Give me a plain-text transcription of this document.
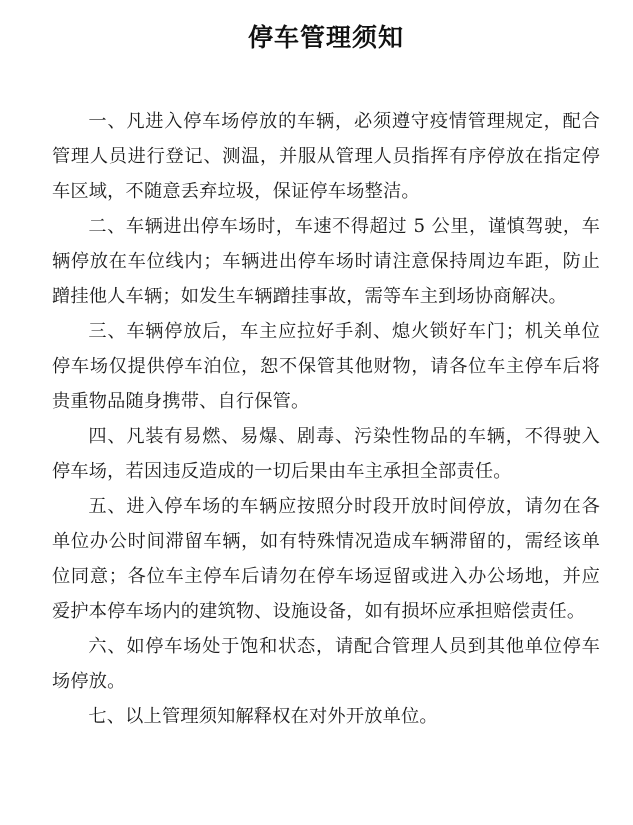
停车管理须知

一、凡进入停车场停放的车辆，必须遵守疫情管理规定，配合管理人员进行登记、测温，并服从管理人员指挥有序停放在指定停车区域，不随意丢弃垃圾，保证停车场整洁。

二、车辆进出停车场时，车速不得超过 5 公里，谨慎驾驶，车辆停放在车位线内；车辆进出停车场时请注意保持周边车距，防止蹭挂他人车辆；如发生车辆蹭挂事故，需等车主到场协商解决。

三、车辆停放后，车主应拉好手刹、熄火锁好车门；机关单位停车场仅提供停车泊位，恕不保管其他财物，请各位车主停车后将贵重物品随身携带、自行保管。

四、凡装有易燃、易爆、剧毒、污染性物品的车辆，不得驶入停车场，若因违反造成的一切后果由车主承担全部责任。

五、进入停车场的车辆应按照分时段开放时间停放，请勿在各单位办公时间滞留车辆，如有特殊情况造成车辆滞留的，需经该单位同意；各位车主停车后请勿在停车场逗留或进入办公场地，并应爱护本停车场内的建筑物、设施设备，如有损坏应承担赔偿责任。

六、如停车场处于饱和状态，请配合管理人员到其他单位停车场停放。

七、以上管理须知解释权在对外开放单位。
